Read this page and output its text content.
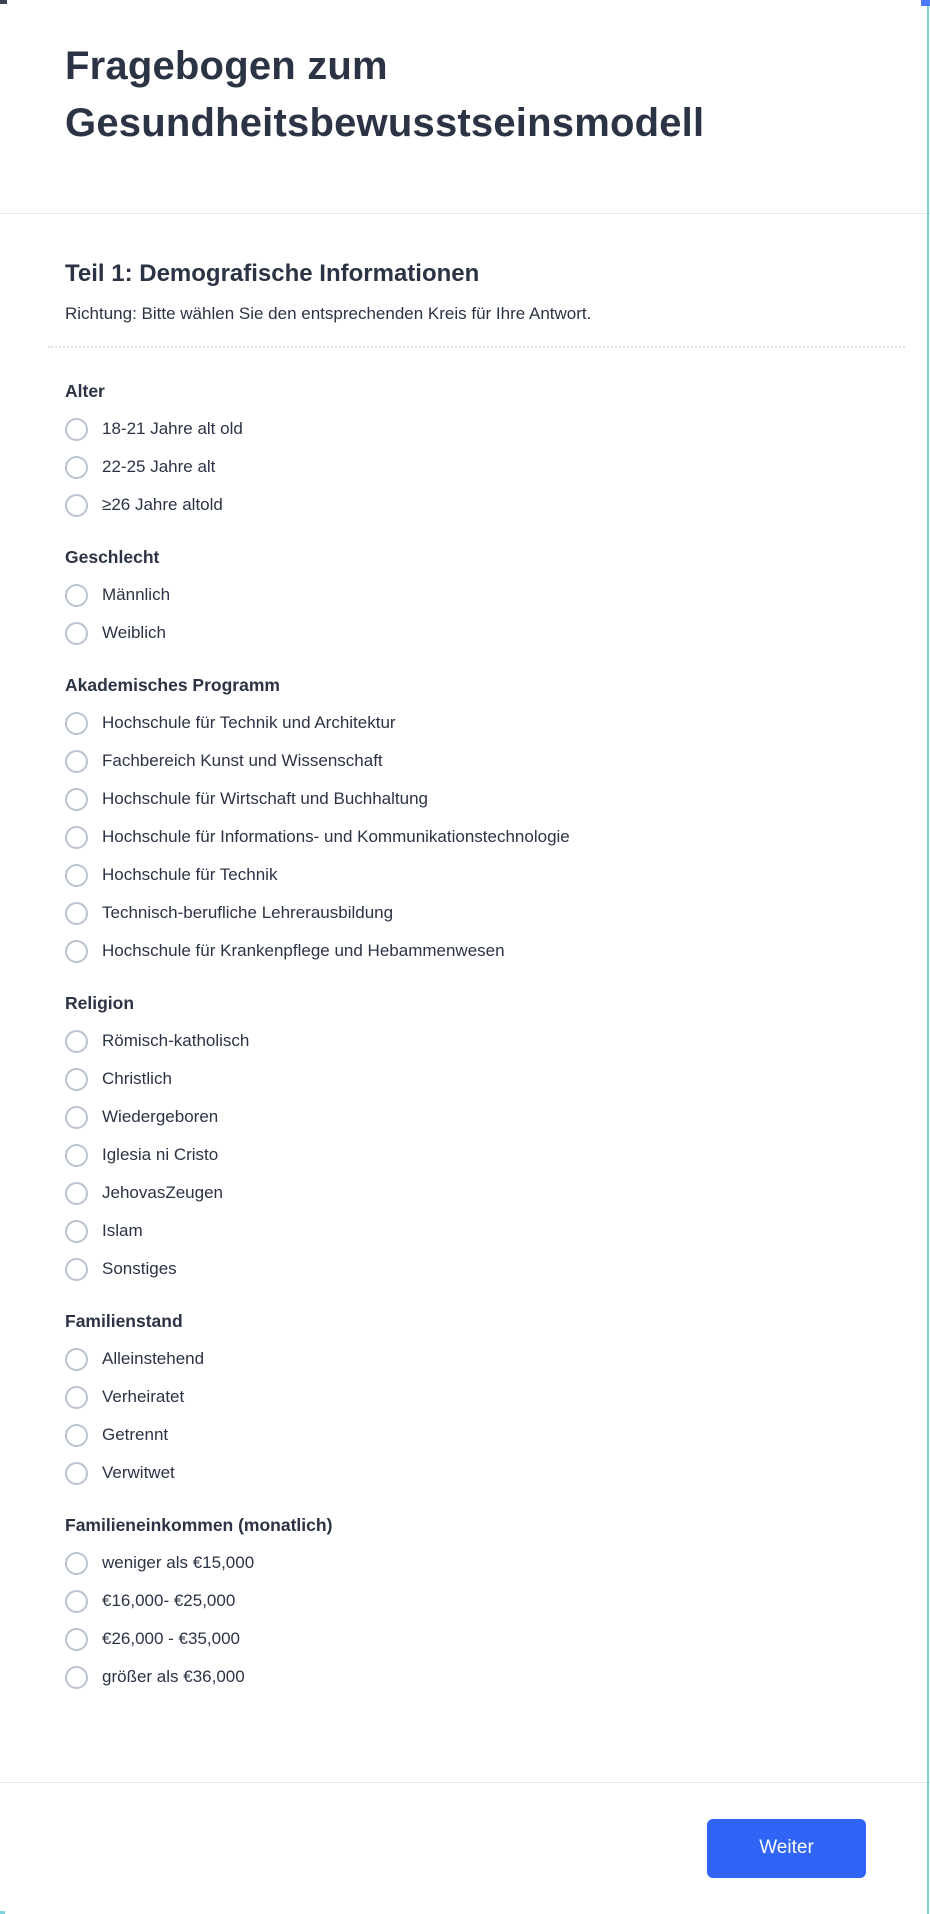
Fragebogen zum Gesundheitsbewusstseinsmodell
Teil 1: Demografische Informationen

Richtung: Bitte wählen Sie den entsprechenden Kreis für Ihre Antwort.

Alter
18-21 Jahre alt old
22-25 Jahre alt
≥26 Jahre altold
Geschlecht
Männlich
Weiblich
Akademisches Programm
Hochschule für Technik und Architektur
Fachbereich Kunst und Wissenschaft
Hochschule für Wirtschaft und Buchhaltung
Hochschule für Informations- und Kommunikationstechnologie
Hochschule für Technik
Technisch-berufliche Lehrerausbildung
Hochschule für Krankenpflege und Hebammenwesen
Religion
Römisch-katholisch
Christlich
Wiedergeboren
Iglesia ni Cristo
JehovasZeugen
Islam
Sonstiges
Familienstand
Alleinstehend
Verheiratet
Getrennt
Verwitwet
Familieneinkommen (monatlich)
weniger als €15,000
€16,000- €25,000
€26,000 - €35,000
größer als €36,000
Weiter
